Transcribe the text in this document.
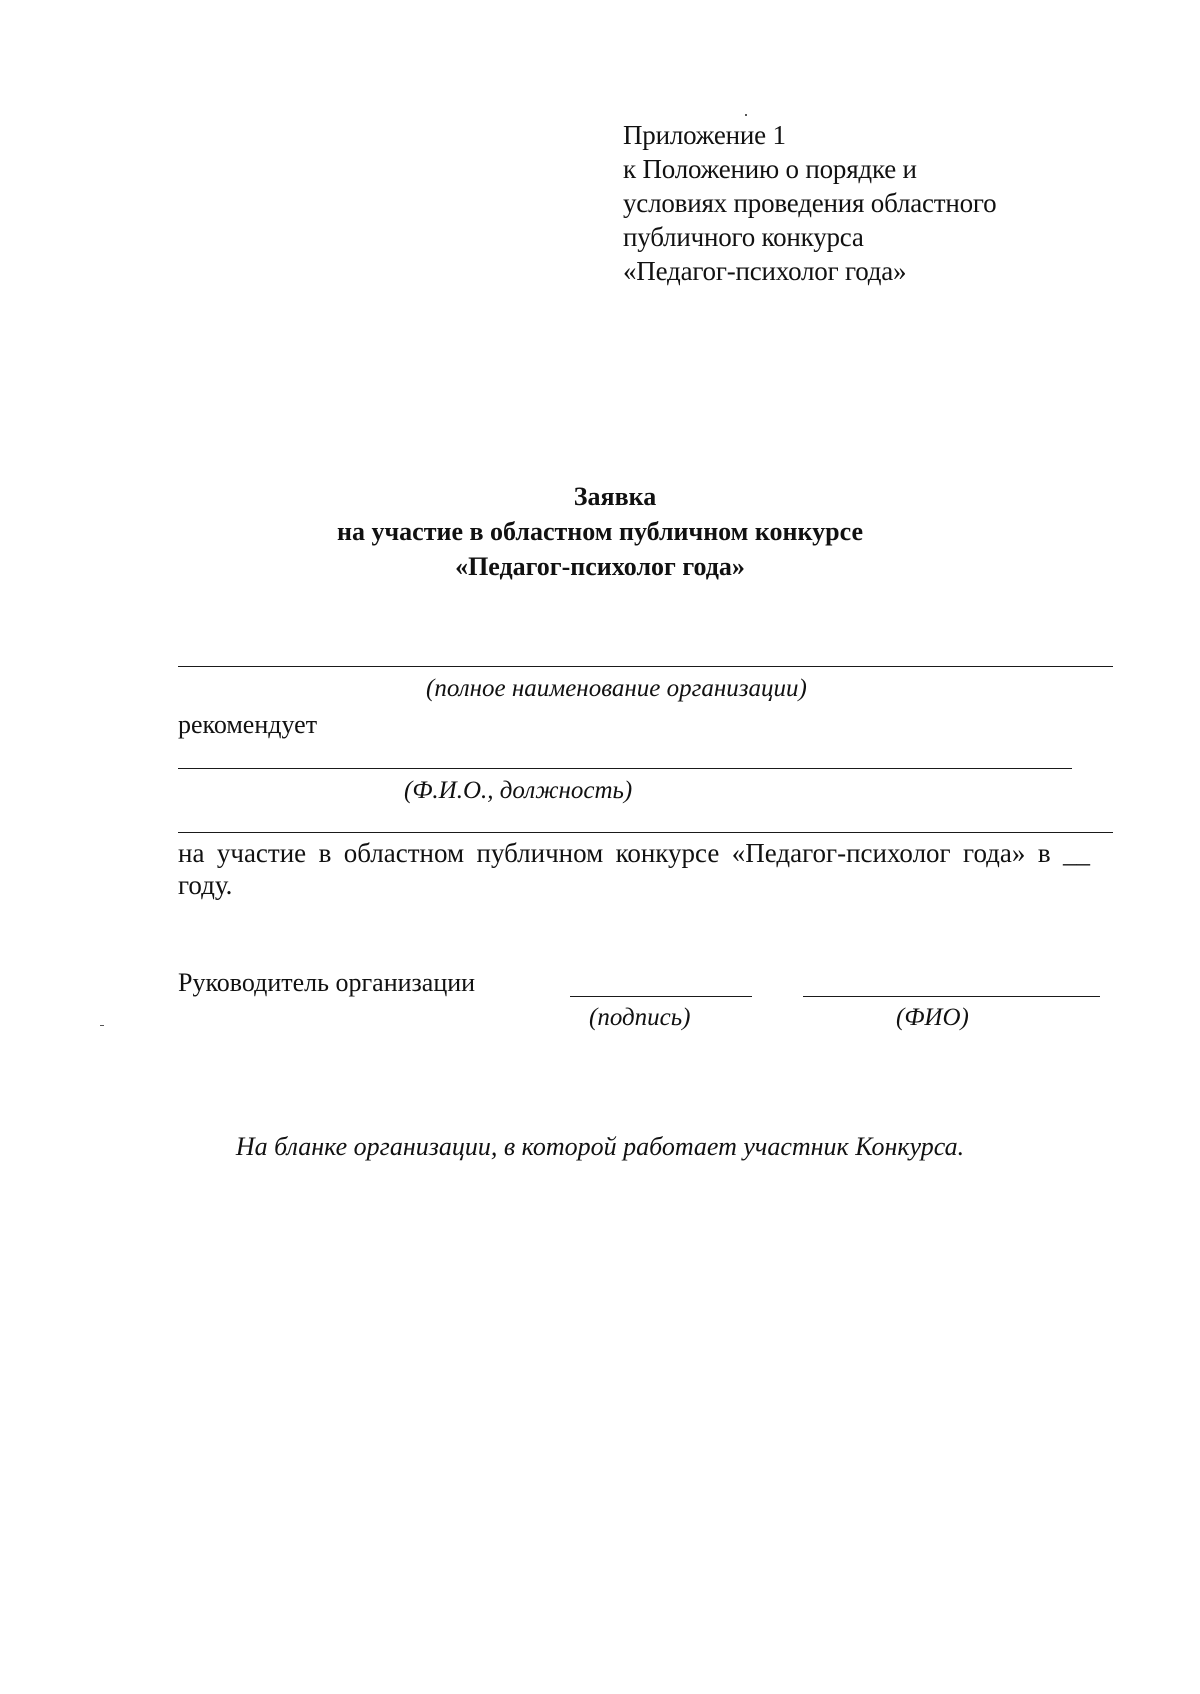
Приложение 1
к Положению о порядке и
условиях проведения областного
публичного конкурса
«Педагог-психолог года»
Заявка
на участие в областном публичном конкурсе
«Педагог-психолог года»
(полное наименование организации)
рекомендует
(Ф.И.О., должность)
на участие в областном публичном конкурсе «Педагог-психолог года» в __
году.
Руководитель организации
(подпись)	(ФИО)
На бланке организации, в которой работает участник Конкурса.
